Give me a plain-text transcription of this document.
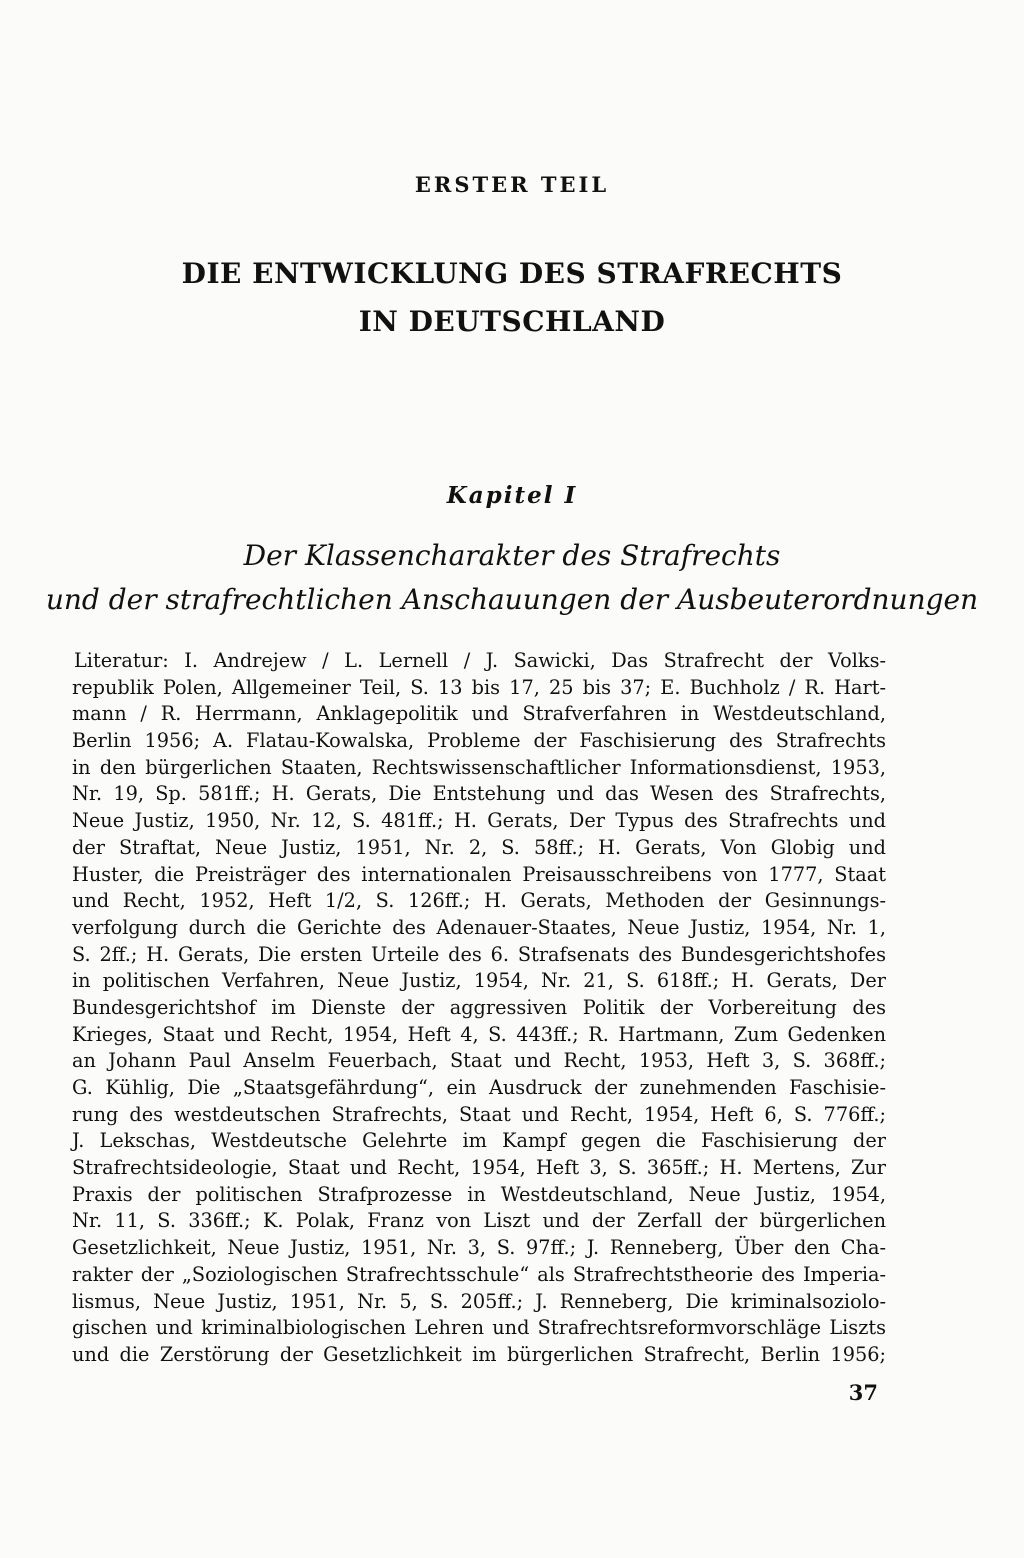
ERSTER TEIL
DIE ENTWICKLUNG DES STRAFRECHTS
IN DEUTSCHLAND
Kapitel I
Der Klassencharakter des Strafrechts
und der strafrechtlichen Anschauungen der Ausbeuterordnungen
Literatur: I. Andrejew / L. Lernell / J. Sawicki, Das Strafrecht der Volks-
republik Polen, Allgemeiner Teil, S. 13 bis 17, 25 bis 37; E. Buchholz / R. Hart-
mann / R. Herrmann, Anklagepolitik und Strafverfahren in Westdeutschland,
Berlin 1956; A. Flatau-Kowalska, Probleme der Faschisierung des Strafrechts
in den bürgerlichen Staaten, Rechtswissenschaftlicher Informationsdienst, 1953,
Nr. 19, Sp. 581ff.; H. Gerats, Die Entstehung und das Wesen des Strafrechts,
Neue Justiz, 1950, Nr. 12, S. 481ff.; H. Gerats, Der Typus des Strafrechts und
der Straftat, Neue Justiz, 1951, Nr. 2, S. 58ff.; H. Gerats, Von Globig und
Huster, die Preisträger des internationalen Preisausschreibens von 1777, Staat
und Recht, 1952, Heft 1/2, S. 126ff.; H. Gerats, Methoden der Gesinnungs-
verfolgung durch die Gerichte des Adenauer-Staates, Neue Justiz, 1954, Nr. 1,
S. 2ff.; H. Gerats, Die ersten Urteile des 6. Strafsenats des Bundesgerichtshofes
in politischen Verfahren, Neue Justiz, 1954, Nr. 21, S. 618ff.; H. Gerats, Der
Bundesgerichtshof im Dienste der aggressiven Politik der Vorbereitung des
Krieges, Staat und Recht, 1954, Heft 4, S. 443ff.; R. Hartmann, Zum Gedenken
an Johann Paul Anselm Feuerbach, Staat und Recht, 1953, Heft 3, S. 368ff.;
G. Kühlig, Die „Staatsgefährdung“, ein Ausdruck der zunehmenden Faschisie-
rung des westdeutschen Strafrechts, Staat und Recht, 1954, Heft 6, S. 776ff.;
J. Lekschas, Westdeutsche Gelehrte im Kampf gegen die Faschisierung der
Strafrechtsideologie, Staat und Recht, 1954, Heft 3, S. 365ff.; H. Mertens, Zur
Praxis der politischen Strafprozesse in Westdeutschland, Neue Justiz, 1954,
Nr. 11, S. 336ff.; K. Polak, Franz von Liszt und der Zerfall der bürgerlichen
Gesetzlichkeit, Neue Justiz, 1951, Nr. 3, S. 97ff.; J. Renneberg, Über den Cha-
rakter der „Soziologischen Strafrechtsschule“ als Strafrechtstheorie des Imperia-
lismus, Neue Justiz, 1951, Nr. 5, S. 205ff.; J. Renneberg, Die kriminalsoziolo-
gischen und kriminalbiologischen Lehren und Strafrechtsreformvorschläge Liszts
und die Zerstörung der Gesetzlichkeit im bürgerlichen Strafrecht, Berlin 1956;
37
